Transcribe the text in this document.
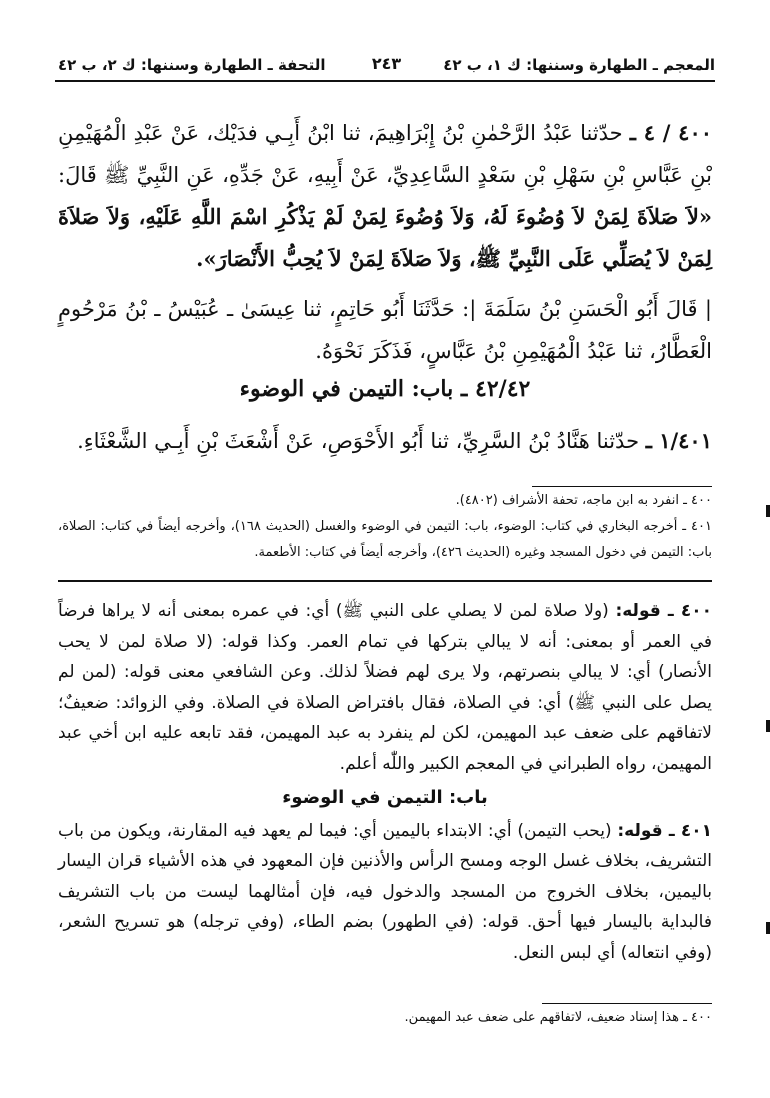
المعجم ـ الطهارة وسننها: ك ١، ب ٤٢
٢٤٣
التحفة ـ الطهارة وسننها: ك ٢، ب ٤٢
٤٠٠ / ٤ ـ حدّثنا عَبْدُ الرَّحْمٰنِ بْنُ إِبْرَاهِيمَ، ثنا ابْنُ أَبِـي فدَيْك، عَنْ عَبْدِ الْمُهَيْمِنِ بْنِ عَبَّاسِ بْنِ سَهْلِ بْنِ سَعْدٍ السَّاعِدِيِّ، عَنْ أَبِيهِ، عَنْ جَدِّهِ، عَنِ النَّبِيِّ ﷺ قَالَ: «لاَ صَلاَةَ لِمَنْ لاَ وُضُوءَ لَهُ، وَلاَ وُضُوءَ لِمَنْ لَمْ يَذْكُرِ اسْمَ اللَّهِ عَلَيْهِ، وَلاَ صَلاَةَ لِمَنْ لاَ يُصَلِّي عَلَى النَّبِيِّ ﷺ، وَلاَ صَلاَةَ لِمَنْ لاَ يُحِبُّ الأَنْصَارَ».
| قَالَ أَبُو الْحَسَنِ بْنُ سَلَمَةَ |: حَدَّثَنَا أَبُو حَاتِمٍ، ثنا عِيسَىٰ ـ عُبَيْسُ ـ بْنُ مَرْحُومٍ الْعَطَّارُ، ثنا عَبْدُ الْمُهَيْمِنِ بْنُ عَبَّاسٍ، فَذَكَرَ نَحْوَهُ.
٤٢/٤٢ ـ باب: التيمن في الوضوء
١/٤٠١ ـ حدّثنا هَنَّادُ بْنُ السَّرِيِّ، ثنا أَبُو الأَحْوَصِ، عَنْ أَشْعَثَ بْنِ أَبِـي الشَّعْثَاءِ.
٤٠٠ ـ انفرد به ابن ماجه، تحفة الأشراف (٤٨٠٢).
٤٠١ ـ أخرجه البخاري في كتاب: الوضوء، باب: التيمن في الوضوء والغسل (الحديث ١٦٨)، وأخرجه أيضاً في كتاب: الصلاة، باب: التيمن في دخول المسجد وغيره (الحديث ٤٢٦)، وأخرجه أيضاً في كتاب: الأطعمة.
٤٠٠ ـ قوله: (ولا صلاة لمن لا يصلي على النبي ﷺ) أي: في عمره بمعنى أنه لا يراها فرضاً في العمر أو بمعنى: أنه لا يبالي بتركها في تمام العمر. وكذا قوله: (لا صلاة لمن لا يحب الأنصار) أي: لا يبالي بنصرتهم، ولا يرى لهم فضلاً لذلك. وعن الشافعي معنى قوله: (لمن لم يصل على النبي ﷺ) أي: في الصلاة، فقال بافتراض الصلاة في الصلاة. وفي الزوائد: ضعيفٌ؛ لاتفاقهم على ضعف عبد المهيمن، لكن لم ينفرد به عبد المهيمن، فقد تابعه عليه ابن أخي عبد المهيمن، رواه الطبراني في المعجم الكبير واللّٰه أعلم.
باب: التيمن في الوضوء
٤٠١ ـ قوله: (يحب التيمن) أي: الابتداء باليمين أي: فيما لم يعهد فيه المقارنة، ويكون من باب التشريف، بخلاف غسل الوجه ومسح الرأس والأذنين فإن المعهود في هذه الأشياء قران اليسار باليمين، بخلاف الخروج من المسجد والدخول فيه، فإن أمثالهما ليست من باب التشريف فالبداية باليسار فيها أحق. قوله: (في الطهور) بضم الطاء، (وفي ترجله) هو تسريح الشعر، (وفي انتعاله) أي لبس النعل.
٤٠٠ ـ هذا إسناد ضعيف، لاتفاقهم على ضعف عبد المهيمن.
